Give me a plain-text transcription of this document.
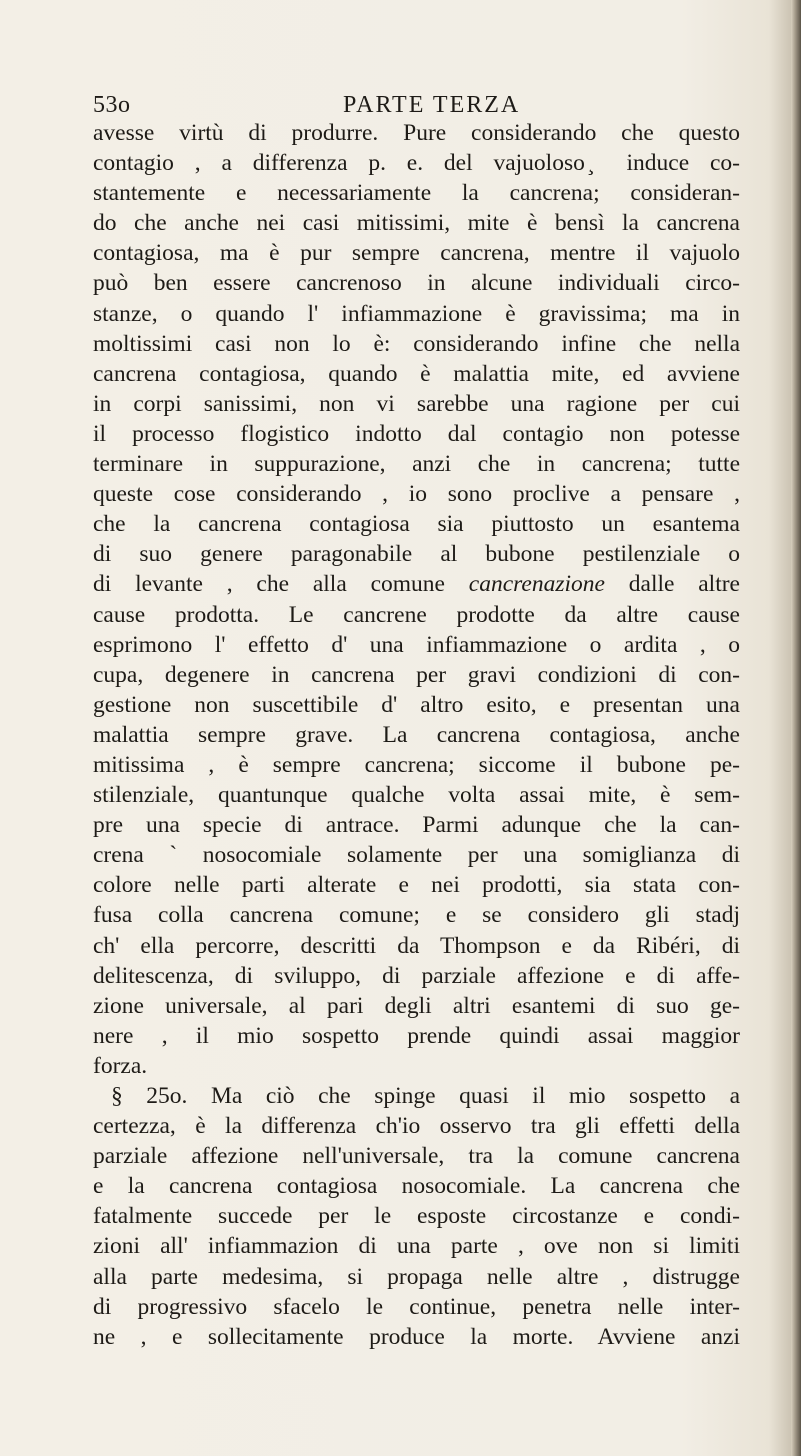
53o	PARTE TERZA
avesse virtù di produrre. Pure considerando che questo
contagio , a differenza p. e. del vajuoloso ̧ induce co-
stantemente e necessariamente la cancrena; consideran-
do che anche nei casi mitissimi, mite è bensì la cancrena
contagiosa, ma è pur sempre cancrena, mentre il vajuolo
può ben essere cancrenoso in alcune individuali circo-
stanze, o quando l' infiammazione è gravissima; ma in
moltissimi casi non lo è: considerando infine che nella
cancrena contagiosa, quando è malattia mite, ed avviene
in corpi sanissimi, non vi sarebbe una ragione per cui
il processo flogistico indotto dal contagio non potesse
terminare in suppurazione, anzi che in cancrena; tutte
queste cose considerando , io sono proclive a pensare ,
che la cancrena contagiosa sia piuttosto un esantema
di suo genere paragonabile al bubone pestilenziale o
di levante , che alla comune cancrenazione dalle altre
cause prodotta. Le cancrene prodotte da altre cause
esprimono l' effetto d' una infiammazione o ardita , o
cupa, degenere in cancrena per gravi condizioni di con-
gestione non suscettibile d' altro esito, e presentan una
malattia sempre grave. La cancrena contagiosa, anche
mitissima , è sempre cancrena; siccome il bubone pe-
stilenziale, quantunque qualche volta assai mite, è sem-
pre una specie di antrace. Parmi adunque che la can-
crena ` nosocomiale solamente per una somiglianza di
colore nelle parti alterate e nei prodotti, sia stata con-
fusa colla cancrena comune; e se considero gli stadj
ch' ella percorre, descritti da Thompson e da Ribéri, di
delitescenza, di sviluppo, di parziale affezione e di affe-
zione universale, al pari degli altri esantemi di suo ge-
nere , il mio sospetto prende quindi assai maggior
forza.
§ 25o. Ma ciò che spinge quasi il mio sospetto a
certezza, è la differenza ch'io osservo tra gli effetti della
parziale affezione nell'universale, tra la comune cancrena
e la cancrena contagiosa nosocomiale. La cancrena che
fatalmente succede per le esposte circostanze e condi-
zioni all' infiammazion di una parte , ove non si limiti
alla parte medesima, si propaga nelle altre , distrugge
di progressivo sfacelo le continue, penetra nelle inter-
ne , e sollecitamente produce la morte. Avviene anzi
